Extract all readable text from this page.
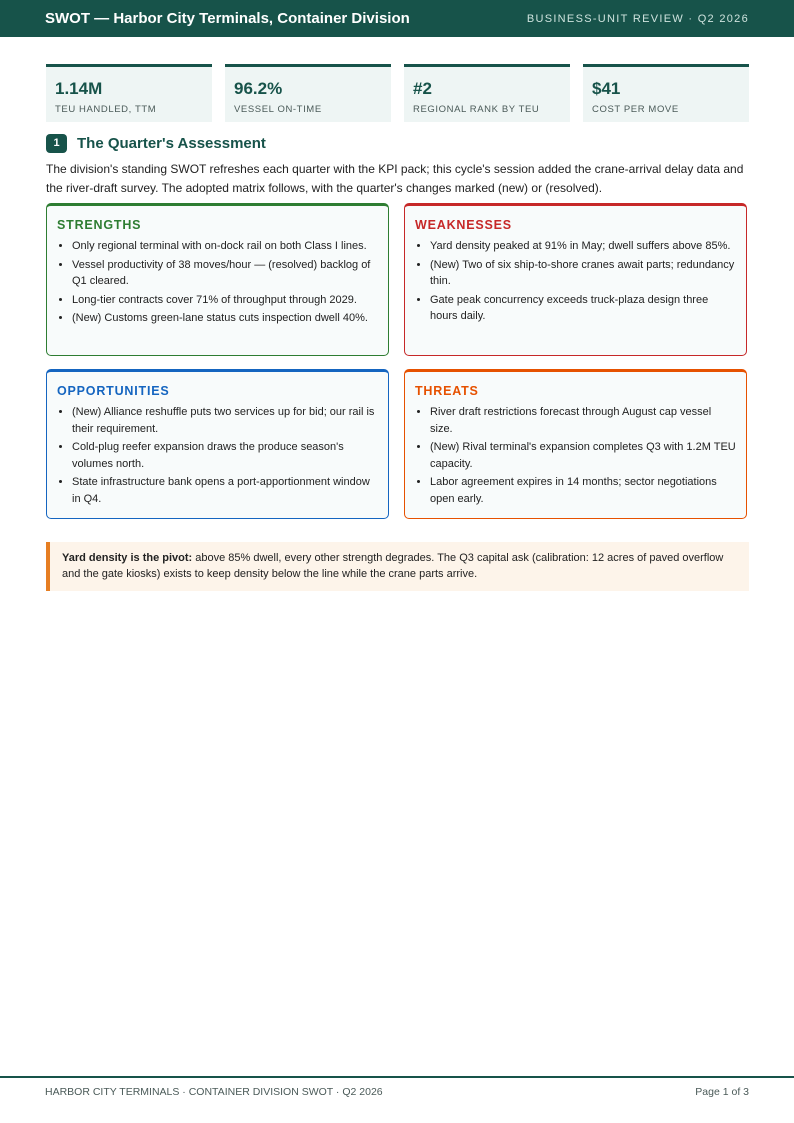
SWOT — Harbor City Terminals, Container Division	BUSINESS-UNIT REVIEW · Q2 2026
1.14M
TEU HANDLED, TTM
96.2%
VESSEL ON-TIME
#2
REGIONAL RANK BY TEU
$41
COST PER MOVE
1	The Quarter's Assessment

The division's standing SWOT refreshes each quarter with the KPI pack; this cycle's session added the crane-arrival delay data and the river-draft survey. The adopted matrix follows, with the quarter's changes marked (new) or (resolved).

STRENGTHS
• Only regional terminal with on-dock rail on both Class I lines.
• Vessel productivity of 38 moves/hour — (resolved) backlog of Q1 cleared.
• Long-tier contracts cover 71% of throughput through 2029.
• (New) Customs green-lane status cuts inspection dwell 40%.
WEAKNESSES
• Yard density peaked at 91% in May; dwell suffers above 85%.
• (New) Two of six ship-to-shore cranes await parts; redundancy thin.
• Gate peak concurrency exceeds truck-plaza design three hours daily.
OPPORTUNITIES
• (New) Alliance reshuffle puts two services up for bid; our rail is their requirement.
• Cold-plug reefer expansion draws the produce season's volumes north.
• State infrastructure bank opens a port-apportionment window in Q4.
THREATS
• River draft restrictions forecast through August cap vessel size.
• (New) Rival terminal's expansion completes Q3 with 1.2M TEU capacity.
• Labor agreement expires in 14 months; sector negotiations open early.
Yard density is the pivot: above 85% dwell, every other strength degrades. The Q3 capital ask (calibration: 12 acres of paved overflow and the gate kiosks) exists to keep density below the line while the crane parts arrive.
HARBOR CITY TERMINALS · CONTAINER DIVISION SWOT · Q2 2026	Page 1 of 3
